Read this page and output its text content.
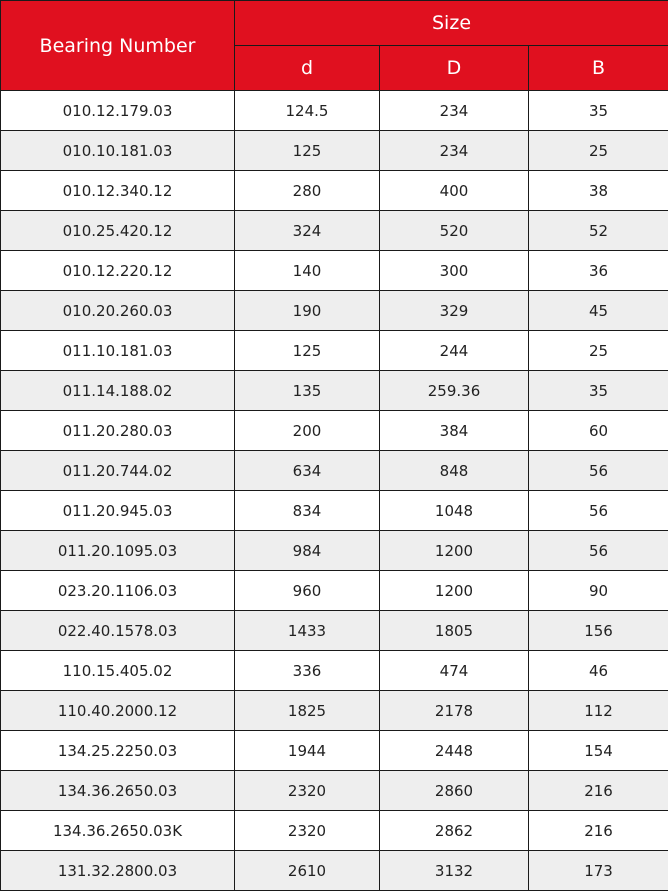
Bearing Number	Size		
	d	D	B
010.12.179.03	124.5	234	35
010.10.181.03	125	234	25
010.12.340.12	280	400	38
010.25.420.12	324	520	52
010.12.220.12	140	300	36
010.20.260.03	190	329	45
011.10.181.03	125	244	25
011.14.188.02	135	259.36	35
011.20.280.03	200	384	60
011.20.744.02	634	848	56
011.20.945.03	834	1048	56
011.20.1095.03	984	1200	56
023.20.1106.03	960	1200	90
022.40.1578.03	1433	1805	156
110.15.405.02	336	474	46
110.40.2000.12	1825	2178	112
134.25.2250.03	1944	2448	154
134.36.2650.03	2320	2860	216
134.36.2650.03K	2320	2862	216
131.32.2800.03	2610	3132	173
